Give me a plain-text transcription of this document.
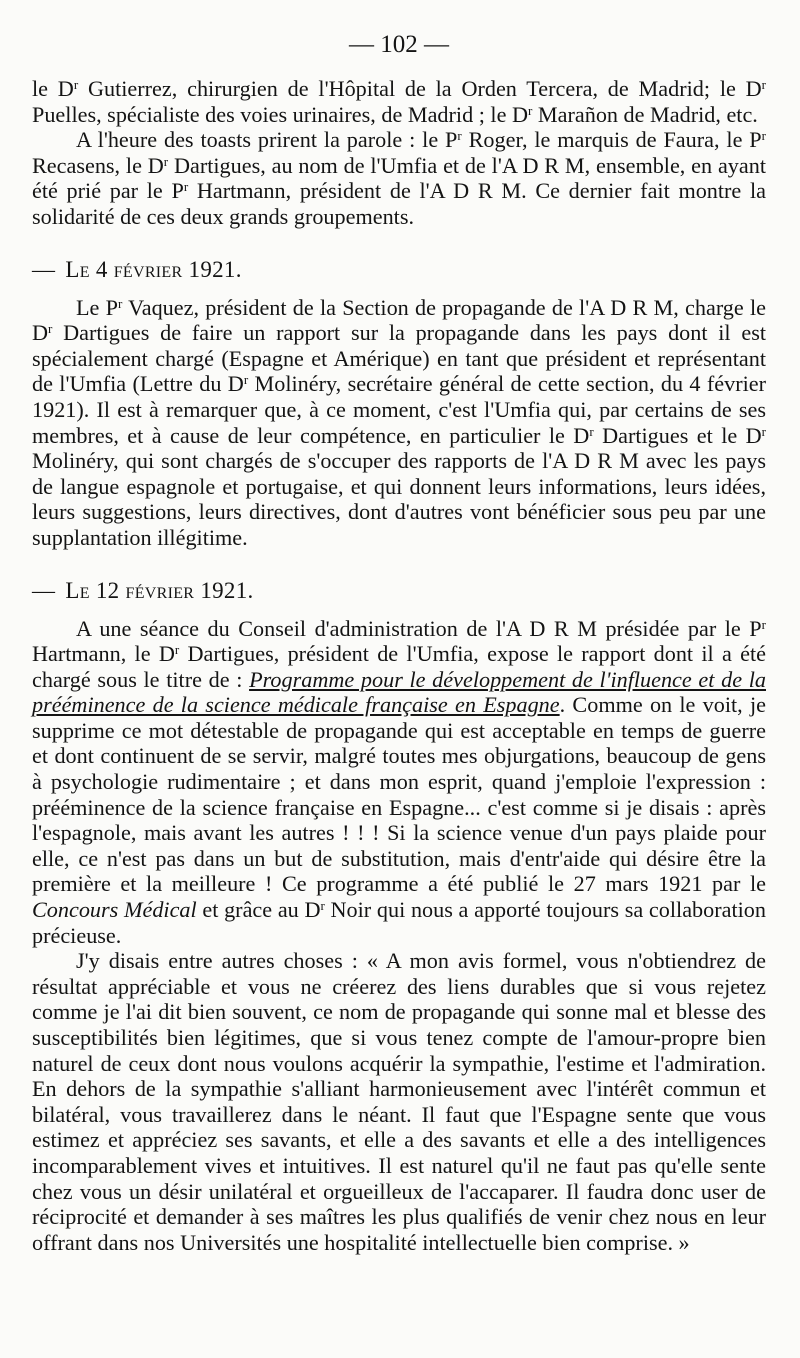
— 102 —

le $D^r$ Gutierrez, chirurgien de l'Hôpital de la Orden Tercera, de Madrid; le $D^r$ Puelles, spécialiste des voies urinaires, de Madrid ; le $D^r$ Marañon de Madrid, etc.

A l'heure des toasts prirent la parole : le $P^r$ Roger, le marquis de Faura, le $P^r$ Recasens, le $D^r$ Dartigues, au nom de l'Umfia et de l'A D R M, ensemble, en ayant été prié par le $P^r$ Hartmann, président de l'A D R M. Ce dernier fait montre la solidarité de ces deux grands groupements.

— Le 4 février 1921.

Le $P^r$ Vaquez, président de la Section de propagande de l'A D R M, charge le $D^r$ Dartigues de faire un rapport sur la propagande dans les pays dont il est spécialement chargé (Espagne et Amérique) en tant que président et représentant de l'Umfia (Lettre du $D^r$ Molinéry, secrétaire général de cette section, du 4 février 1921). Il est à remarquer que, à ce moment, c'est l'Umfia qui, par certains de ses membres, et à cause de leur compétence, en particulier le $D^r$ Dartigues et le $D^r$ Molinéry, qui sont chargés de s'occuper des rapports de l'A D R M avec les pays de langue espagnole et portugaise, et qui donnent leurs informations, leurs idées, leurs suggestions, leurs directives, dont d'autres vont bénéficier sous peu par une supplantation illégitime.

— Le 12 février 1921.

A une séance du Conseil d'administration de l'A D R M présidée par le $P^r$ Hartmann, le $D^r$ Dartigues, président de l'Umfia, expose le rapport dont il a été chargé sous le titre de : Programme pour le développement de l'influence et de la prééminence de la science médicale française en Espagne. Comme on le voit, je supprime ce mot détestable de propagande qui est acceptable en temps de guerre et dont continuent de se servir, malgré toutes mes objurgations, beaucoup de gens à psychologie rudimentaire ; et dans mon esprit, quand j'emploie l'expression : prééminence de la science française en Espagne... c'est comme si je disais : après l'espagnole, mais avant les autres ! ! ! Si la science venue d'un pays plaide pour elle, ce n'est pas dans un but de substitution, mais d'entr'aide qui désire être la première et la meilleure ! Ce programme a été publié le 27 mars 1921 par le Concours Médical et grâce au $D^r$ Noir qui nous a apporté toujours sa collaboration précieuse.

J'y disais entre autres choses : « A mon avis formel, vous n'obtiendrez de résultat appréciable et vous ne créerez des liens durables que si vous rejetez comme je l'ai dit bien souvent, ce nom de propagande qui sonne mal et blesse des susceptibilités bien légitimes, que si vous tenez compte de l'amour-propre bien naturel de ceux dont nous voulons acquérir la sympathie, l'estime et l'admiration. En dehors de la sympathie s'alliant harmonieusement avec l'intérêt commun et bilatéral, vous travaillerez dans le néant. Il faut que l'Espagne sente que vous estimez et appréciez ses savants, et elle a des savants et elle a des intelligences incomparablement vives et intuitives. Il est naturel qu'il ne faut pas qu'elle sente chez vous un désir unilatéral et orgueilleux de l'accaparer. Il faudra donc user de réciprocité et demander à ses maîtres les plus qualifiés de venir chez nous en leur offrant dans nos Universités une hospitalité intellectuelle bien comprise. »
